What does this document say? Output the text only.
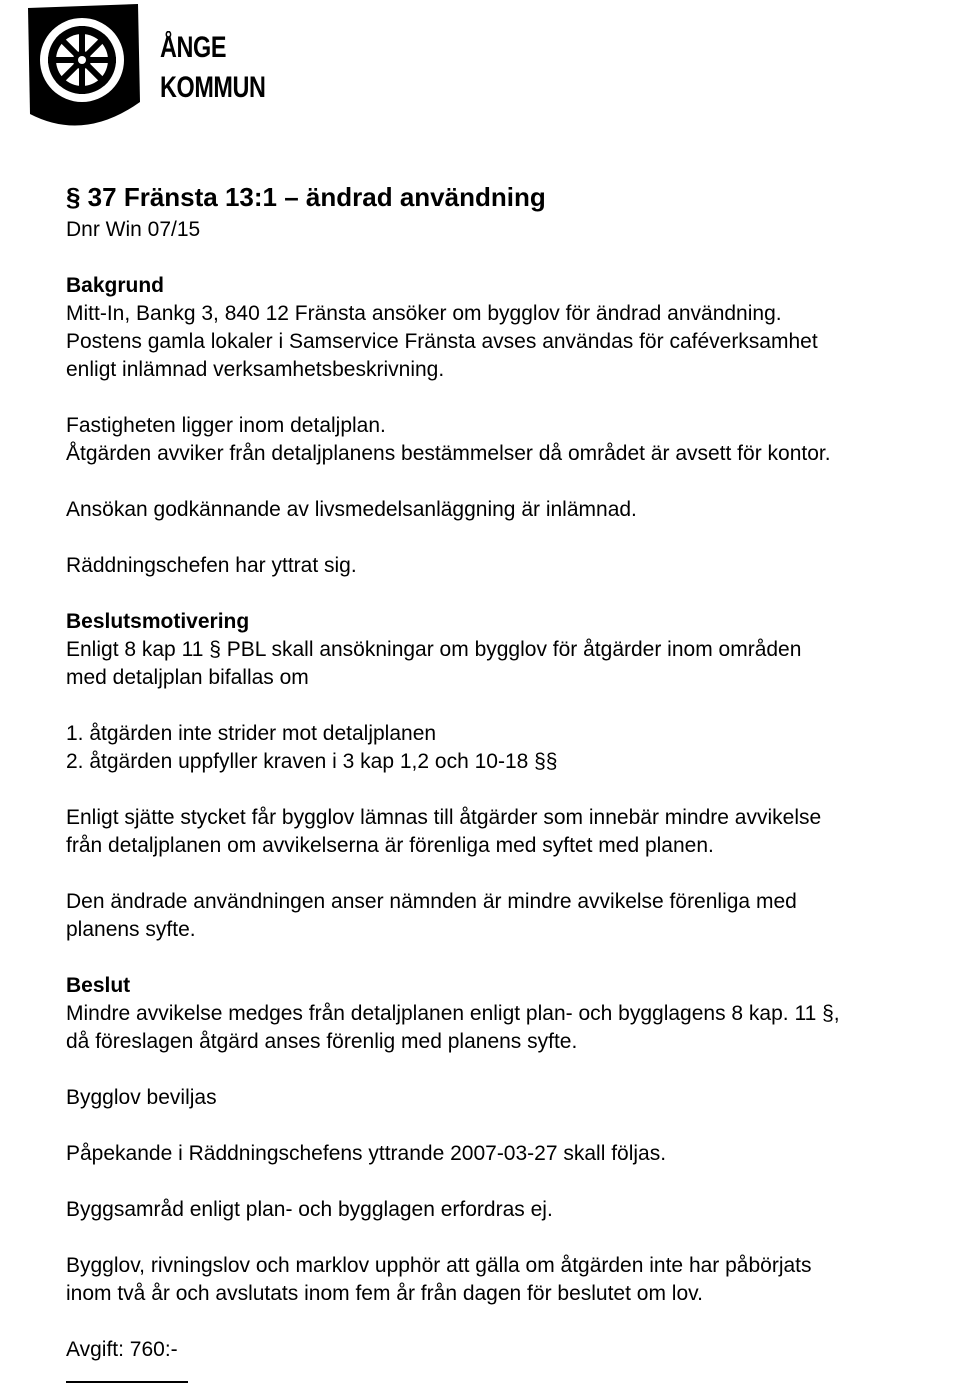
ÅNGE
KOMMUN

§ 37 Fränsta 13:1 – ändrad användning

Dnr Win 07/15

Bakgrund

Mitt-In, Bankg 3, 840 12 Fränsta ansöker om bygglov för ändrad användning.

Postens gamla lokaler i Samservice Fränsta avses användas för caféverksamhet

enligt inlämnad verksamhetsbeskrivning.

Fastigheten ligger inom detaljplan.

Åtgärden avviker från detaljplanens bestämmelser då området är avsett för kontor.

Ansökan godkännande av livsmedelsanläggning är inlämnad.

Räddningschefen har yttrat sig.

Beslutsmotivering

Enligt 8 kap 11 § PBL skall ansökningar om bygglov för åtgärder inom områden

med detaljplan bifallas om

1. åtgärden inte strider mot detaljplanen

2. åtgärden uppfyller kraven i 3 kap 1,2 och 10-18 §§

Enligt sjätte stycket får bygglov lämnas till åtgärder som innebär mindre avvikelse

från detaljplanen om avvikelserna är förenliga med syftet med planen.

Den ändrade användningen anser nämnden är mindre avvikelse förenliga med

planens syfte.

Beslut

Mindre avvikelse medges från detaljplanen enligt plan- och bygglagens 8 kap. 11 §,

då föreslagen åtgärd anses förenlig med planens syfte.

Bygglov beviljas

Påpekande i Räddningschefens yttrande 2007-03-27 skall följas.

Byggsamråd enligt plan- och bygglagen erfordras ej.

Bygglov, rivningslov och marklov upphör att gälla om åtgärden inte har påbörjats

inom två år och avslutats inom fem år från dagen för beslutet om lov.

Avgift: 760:-
